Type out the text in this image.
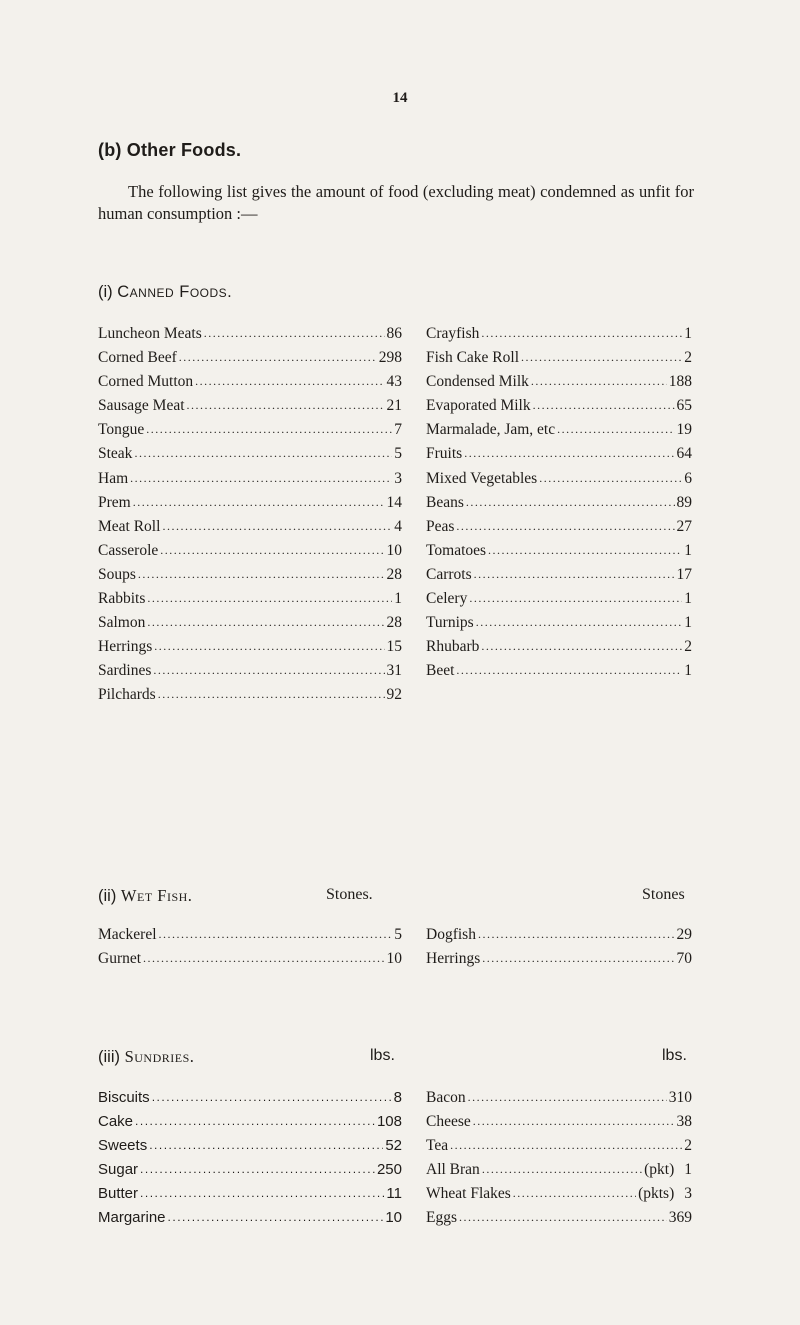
14
(b) Other Foods.
The following list gives the amount of food (excluding meat) condemned as unfit for human consumption :—
(i) Canned Foods.
Luncheon Meats .....	86
Corned Beef .....	298
Corned Mutton .....	43
Sausage Meat .....	21
Tongue .....	7
Steak .....	5
Ham .....	3
Prem .....	14
Meat Roll .....	4
Casserole .....	10
Soups .....	28
Rabbits .....	1
Salmon .....	28
Herrings .....	15
Sardines .....	31
Pilchards .....	92
Crayfish .....	1
Fish Cake Roll .....	2
Condensed Milk .....	188
Evaporated Milk .....	65
Marmalade, Jam, etc .....	19
Fruits .....	64
Mixed Vegetables .....	6
Beans .....	89
Peas .....	27
Tomatoes .....	1
Carrots .....	17
Celery .....	1
Turnips .....	1
Rhubarb .....	2
Beet .....	1
(ii) Wet Fish.	Stones.	Stones
Mackerel .....	5
Gurnet .....	10
Dogfish .....	29
Herrings .....	70
(iii) Sundries.	lbs.	lbs.
Biscuits .....	8
Cake .....	108
Sweets .....	52
Sugar .....	250
Butter .....	11
Margarine .....	10
Bacon .....	310
Cheese .....	38
Tea .....	2
All Bran .....	(pkt) 1
Wheat Flakes .....	(pkts) 3
Eggs .....	369
